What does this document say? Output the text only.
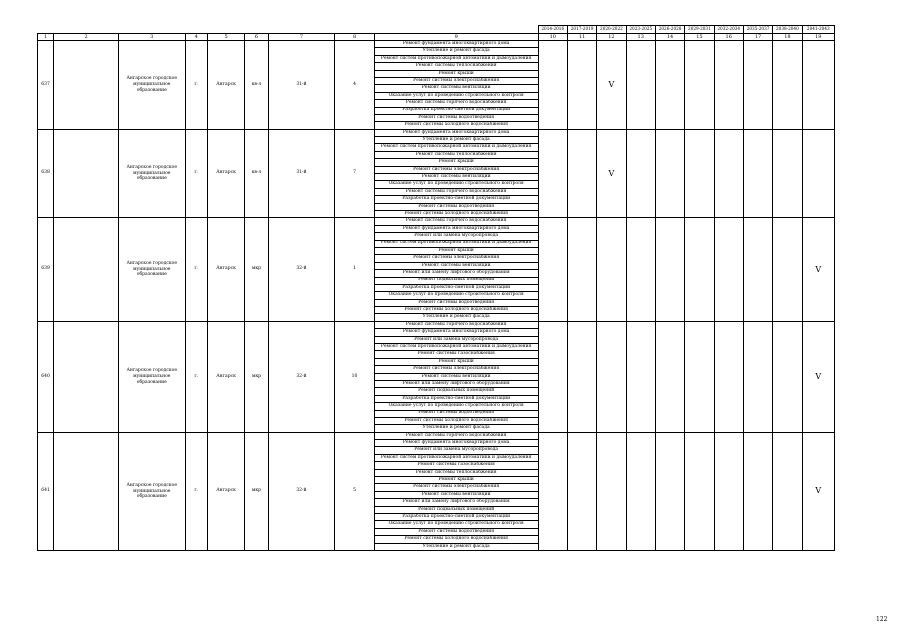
									2014-2016	2017-2019	2020-2022	2023-2025	2026-2028	2029-2031	2032-2034	2035-2037	2038-2040	2041-2043
1	2	3	4	5	6	7	8	9	10	11	12	13	14	15	16	17	18	19
637		Ангарское городское муниципальное образование	г.	Ангарск	кв-л	31-й	4	Ремонт фундамента многоквартирного дома			V							
								Утепление и ремонт фасада										
								Ремонт систем противопожарной автоматики и дымоудаления										
								Ремонт системы теплоснабжения										
								Ремонт крыши										
								Ремонт системы электроснабжения										
								Ремонт системы вентиляции										
								Оказание услуг по проведению строительного контроля										
								Ремонт системы горячего водоснабжения										
								Разработка проектно-сметной документации										
								Ремонт системы водоотведения										
								Ремонт системы холодного водоснабжения										
638		Ангарское городское муниципальное образование	г.	Ангарск	кв-л	31-й	7	Ремонт фундамента многоквартирного дома			V							
								Утепление и ремонт фасада										
								Ремонт систем противопожарной автоматики и дымоудаления										
								Ремонт системы теплоснабжения										
								Ремонт крыши										
								Ремонт системы электроснабжения										
								Ремонт системы вентиляции										
								Оказание услуг по проведению строительного контроля										
								Ремонт системы горячего водоснабжения										
								Разработка проектно-сметной документации										
								Ремонт системы водоотведения										
								Ремонт системы холодного водоснабжения										
639		Ангарское городское муниципальное образование	г.	Ангарск	мкр	32-й	1	Ремонт системы горячего водоснабжения										V
								Ремонт фундамента многоквартирного дома										
								Ремонт или замена мусоропровода										
								Ремонт систем противопожарной автоматики и дымоудаления										
								Ремонт крыши										
								Ремонт системы электроснабжения										
								Ремонт системы вентиляции										
								Ремонт или замену лифтового оборудования										
								Ремонт подвальных помещений										
								Разработка проектно-сметной документации										
								Оказание услуг по проведению строительного контроля										
								Ремонт системы водоотведения										
								Ремонт системы холодного водоснабжения										
								Утепление и ремонт фасада										
640		Ангарское городское муниципальное образование	г.	Ангарск	мкр	32-й	10	Ремонт системы горячего водоснабжения										V
								Ремонт фундамента многоквартирного дома										
								Ремонт или замена мусоропровода										
								Ремонт систем противопожарной автоматики и дымоудаления										
								Ремонт системы газоснабжения										
								Ремонт крыши										
								Ремонт системы электроснабжения										
								Ремонт системы вентиляции										
								Ремонт или замену лифтового оборудования										
								Ремонт подвальных помещений										
								Разработка проектно-сметной документации										
								Оказание услуг по проведению строительного контроля										
								Ремонт системы водоотведения										
								Ремонт системы холодного водоснабжения										
								Утепление и ремонт фасада										
641		Ангарское городское муниципальное образование	г.	Ангарск	мкр	32-й	5	Ремонт системы горячего водоснабжения										V
								Ремонт фундамента многоквартирного дома										
								Ремонт или замена мусоропровода										
								Ремонт систем противопожарной автоматики и дымоудаления										
								Ремонт системы газоснабжения										
								Ремонт системы теплоснабжения										
								Ремонт крыши										
								Ремонт системы электроснабжения										
								Ремонт системы вентиляции										
								Ремонт или замену лифтового оборудования										
								Ремонт подвальных помещений										
								Разработка проектно-сметной документации										
								Оказание услуг по проведению строительного контроля										
								Ремонт системы водоотведения										
								Ремонт системы холодного водоснабжения										
								Утепление и ремонт фасада										
122
